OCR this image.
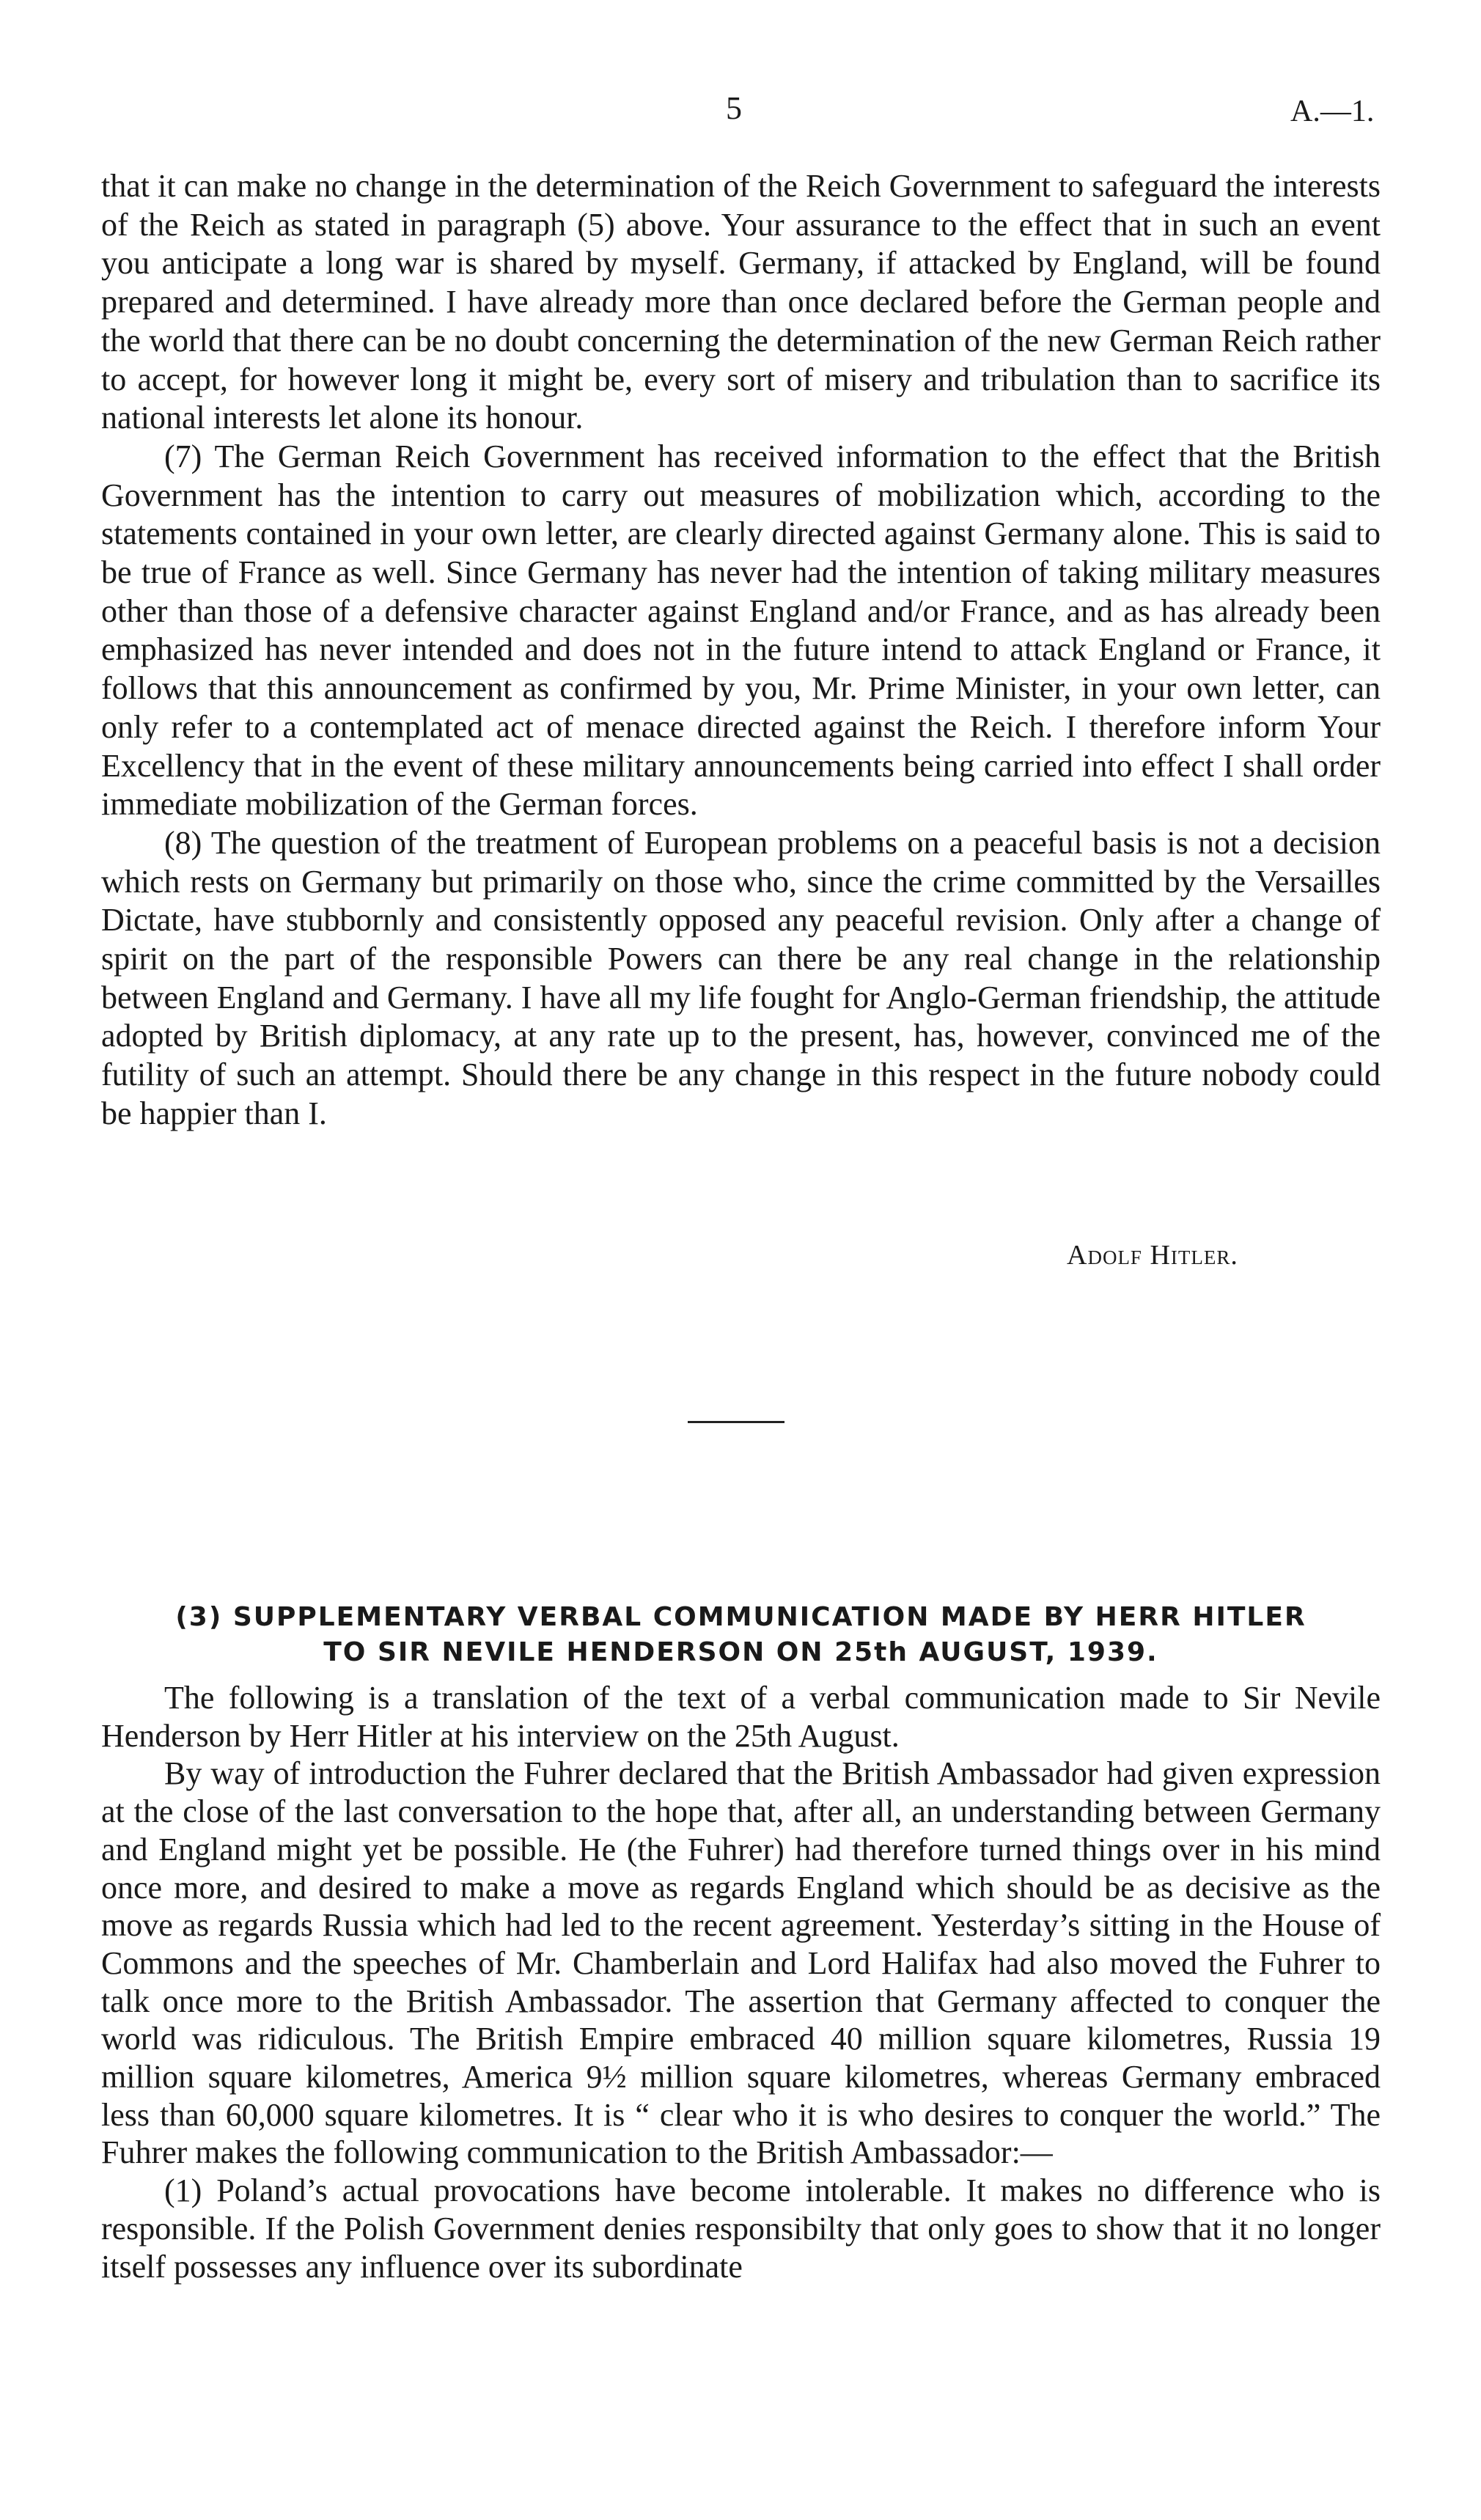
5	A.—1.

that it can make no change in the determination of the Reich Government to safeguard the interests of the Reich as stated in paragraph (5) above. Your assurance to the effect that in such an event you anticipate a long war is shared by myself. Germany, if attacked by England, will be found prepared and determined. I have already more than once declared before the German people and the world that there can be no doubt concerning the determination of the new German Reich rather to accept, for however long it might be, every sort of misery and tribulation than to sacrifice its national interests let alone its honour.

(7) The German Reich Government has received information to the effect that the British Government has the intention to carry out measures of mobilization which, according to the statements contained in your own letter, are clearly directed against Germany alone. This is said to be true of France as well. Since Germany has never had the intention of taking military measures other than those of a defensive character against England and/or France, and as has already been emphasized has never intended and does not in the future intend to attack England or France, it follows that this announcement as confirmed by you, Mr. Prime Minister, in your own letter, can only refer to a contemplated act of menace directed against the Reich. I therefore inform Your Excellency that in the event of these military announcements being carried into effect I shall order immediate mobilization of the German forces.

(8) The question of the treatment of European problems on a peaceful basis is not a decision which rests on Germany but primarily on those who, since the crime committed by the Versailles Dictate, have stubbornly and consistently opposed any peaceful revision. Only after a change of spirit on the part of the responsible Powers can there be any real change in the relationship between England and Germany. I have all my life fought for Anglo-German friendship, the attitude adopted by British diplomacy, at any rate up to the present, has, however, convinced me of the futility of such an attempt. Should there be any change in this respect in the future nobody could be happier than I.

Adolf Hitler.
(3) SUPPLEMENTARY VERBAL COMMUNICATION MADE BY HERR HITLER
TO SIR NEVILE HENDERSON ON 25th AUGUST, 1939.

The following is a translation of the text of a verbal communication made to Sir Nevile Henderson by Herr Hitler at his interview on the 25th August.

By way of introduction the Fuhrer declared that the British Ambassador had given expression at the close of the last conversation to the hope that, after all, an understanding between Germany and England might yet be possible. He (the Fuhrer) had therefore turned things over in his mind once more, and desired to make a move as regards England which should be as decisive as the move as regards Russia which had led to the recent agreement. Yesterday’s sitting in the House of Commons and the speeches of Mr. Chamberlain and Lord Halifax had also moved the Fuhrer to talk once more to the British Ambassador. The assertion that Germany affected to conquer the world was ridiculous. The British Empire embraced 40 million square kilometres, Russia 19 million square kilometres, America 9½ million square kilometres, whereas Germany embraced less than 60,000 square kilometres. It is “ clear who it is who desires to conquer the world.” The Fuhrer makes the following communication to the British Ambassador:—

(1) Poland’s actual provocations have become intolerable. It makes no difference who is responsible. If the Polish Government denies responsibilty that only goes to show that it no longer itself possesses any influence over its subordinate
